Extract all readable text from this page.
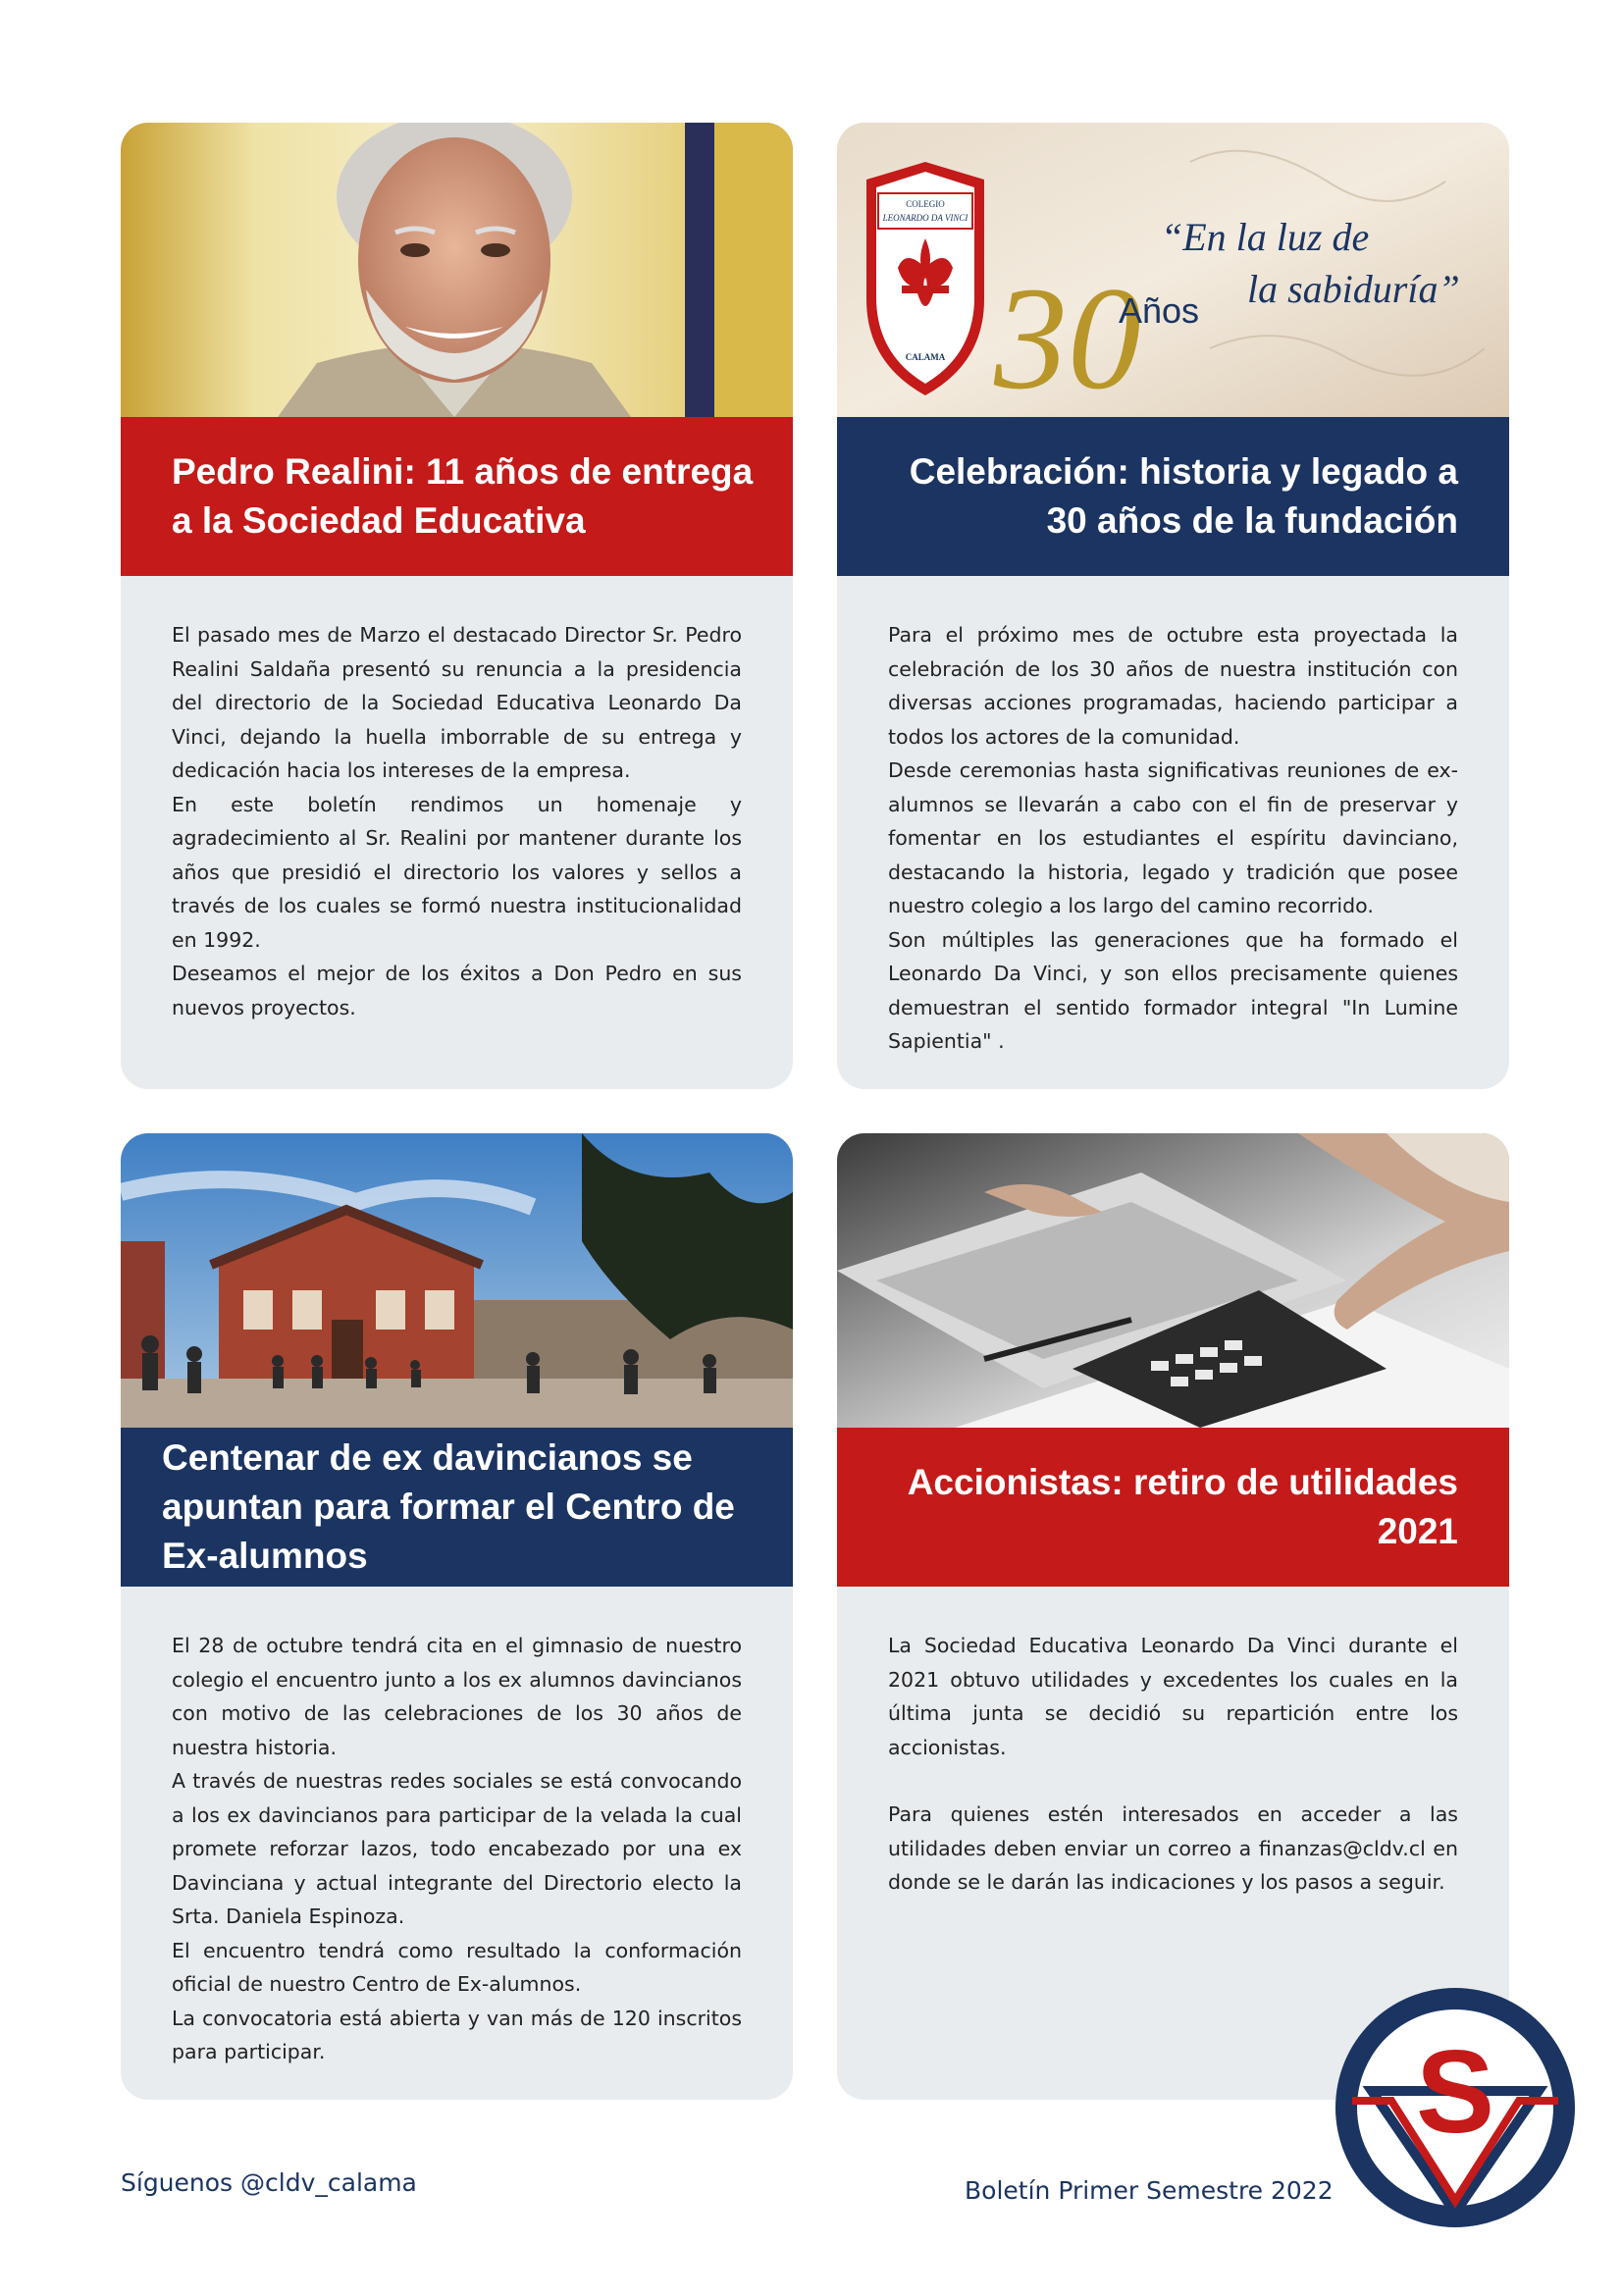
Pedro Realini: 11 años de entrega a la Sociedad Educativa

El pasado mes de Marzo el destacado Director Sr. Pedro Realini Saldaña presentó su renuncia a la presidencia del directorio de la Sociedad Educativa Leonardo Da Vinci, dejando la huella imborrable de su entrega y dedicación hacia los intereses de la empresa.

En este boletín rendimos un homenaje y agradecimiento al Sr. Realini por mantener durante los años que presidió el directorio los valores y sellos a través de los cuales se formó nuestra institucionalidad en 1992.

Deseamos el mejor de los éxitos a Don Pedro en sus nuevos proyectos.

COLEGIO
LEONARDO DA VINCI
CALAMA 30
Años
“En la luz de
la sabiduría”
Celebración: historia y legado a 30 años de la fundación

Para el próximo mes de octubre esta proyectada la celebración de los 30 años de nuestra institución con diversas acciones programadas, haciendo participar a todos los actores de la comunidad.

Desde ceremonias hasta significativas reuniones de ex-alumnos se llevarán a cabo con el fin de preservar y fomentar en los estudiantes el espíritu davinciano, destacando la historia, legado y tradición que posee nuestro colegio a los largo del camino recorrido.

Son múltiples las generaciones que ha formado el Leonardo Da Vinci, y son ellos precisamente quienes demuestran el sentido formador integral "In Lumine Sapientia" .

Centenar de ex davincianos se apuntan para formar el Centro de Ex-alumnos

El 28 de octubre tendrá cita en el gimnasio de nuestro colegio el encuentro junto a los ex alumnos davincianos con motivo de las celebraciones de los 30 años de nuestra historia.

A través de nuestras redes sociales se está convocando a los ex davincianos para participar de la velada la cual promete reforzar lazos, todo encabezado por una ex Davinciana y actual integrante del Directorio electo la Srta. Daniela Espinoza.

El encuentro tendrá como resultado la conformación oficial de nuestro Centro de Ex-alumnos.

La convocatoria está abierta y van más de 120 inscritos para participar.

Accionistas: retiro de utilidades 2021

La Sociedad Educativa Leonardo Da Vinci durante el 2021 obtuvo utilidades y excedentes los cuales en la última junta se decidió su repartición entre los accionistas.

Para quienes estén interesados en acceder a las utilidades deben enviar un correo a finanzas@cldv.cl en donde se le darán las indicaciones y los pasos a seguir.

Síguenos @cldv_calama	Boletín Primer Semestre 2022
S
